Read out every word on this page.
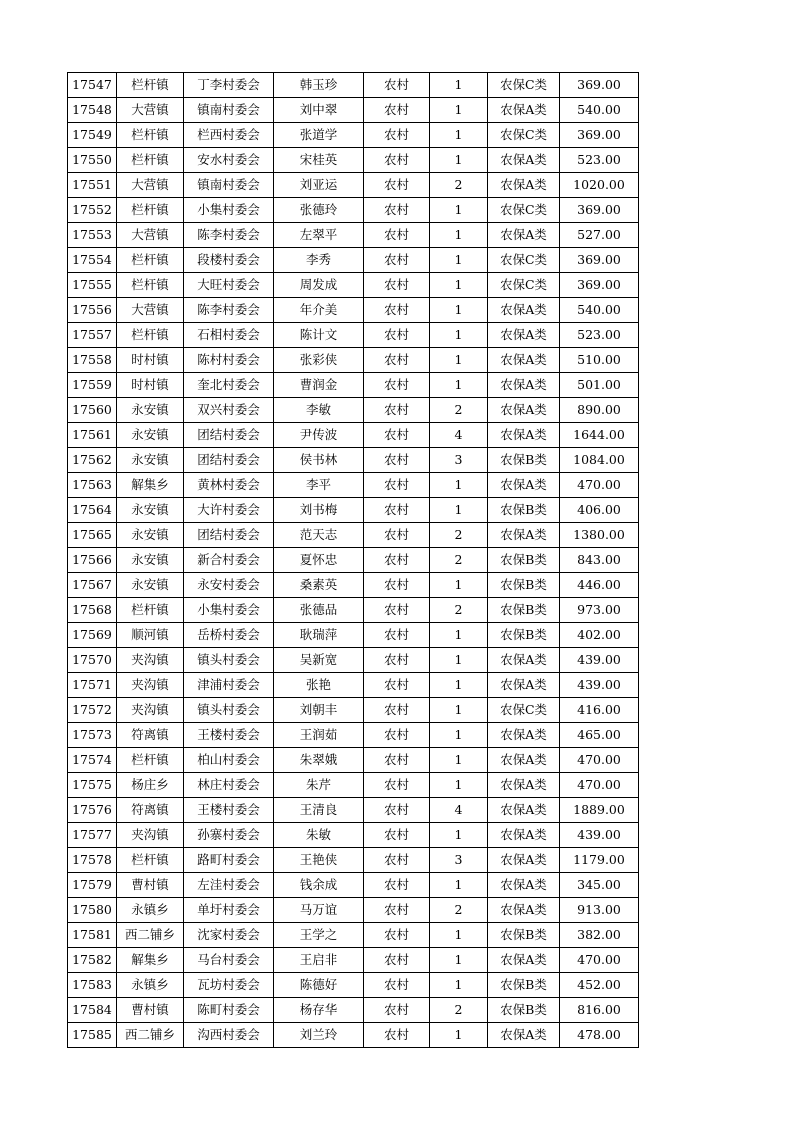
17547	栏杆镇	丁李村委会	韩玉珍	农村	1	农保C类	369.00
17548	大营镇	镇南村委会	刘中翠	农村	1	农保A类	540.00
17549	栏杆镇	栏西村委会	张道学	农村	1	农保C类	369.00
17550	栏杆镇	安水村委会	宋桂英	农村	1	农保A类	523.00
17551	大营镇	镇南村委会	刘亚运	农村	2	农保A类	1020.00
17552	栏杆镇	小集村委会	张德玲	农村	1	农保C类	369.00
17553	大营镇	陈李村委会	左翠平	农村	1	农保A类	527.00
17554	栏杆镇	段楼村委会	李秀	农村	1	农保C类	369.00
17555	栏杆镇	大旺村委会	周发成	农村	1	农保C类	369.00
17556	大营镇	陈李村委会	年介美	农村	1	农保A类	540.00
17557	栏杆镇	石相村委会	陈计文	农村	1	农保A类	523.00
17558	时村镇	陈村村委会	张彩侠	农村	1	农保A类	510.00
17559	时村镇	奎北村委会	曹润金	农村	1	农保A类	501.00
17560	永安镇	双兴村委会	李敏	农村	2	农保A类	890.00
17561	永安镇	团结村委会	尹传波	农村	4	农保A类	1644.00
17562	永安镇	团结村委会	侯书林	农村	3	农保B类	1084.00
17563	解集乡	黄林村委会	李平	农村	1	农保A类	470.00
17564	永安镇	大许村委会	刘书梅	农村	1	农保B类	406.00
17565	永安镇	团结村委会	范天志	农村	2	农保A类	1380.00
17566	永安镇	新合村委会	夏怀忠	农村	2	农保B类	843.00
17567	永安镇	永安村委会	桑素英	农村	1	农保B类	446.00
17568	栏杆镇	小集村委会	张德品	农村	2	农保B类	973.00
17569	顺河镇	岳桥村委会	耿瑞萍	农村	1	农保B类	402.00
17570	夹沟镇	镇头村委会	吴新宽	农村	1	农保A类	439.00
17571	夹沟镇	津浦村委会	张艳	农村	1	农保A类	439.00
17572	夹沟镇	镇头村委会	刘朝丰	农村	1	农保C类	416.00
17573	符离镇	王楼村委会	王润茹	农村	1	农保A类	465.00
17574	栏杆镇	柏山村委会	朱翠娥	农村	1	农保A类	470.00
17575	杨庄乡	林庄村委会	朱芹	农村	1	农保A类	470.00
17576	符离镇	王楼村委会	王清良	农村	4	农保A类	1889.00
17577	夹沟镇	孙寨村委会	朱敏	农村	1	农保A类	439.00
17578	栏杆镇	路町村委会	王艳侠	农村	3	农保A类	1179.00
17579	曹村镇	左洼村委会	钱余成	农村	1	农保A类	345.00
17580	永镇乡	单圩村委会	马万谊	农村	2	农保A类	913.00
17581	西二铺乡	沈家村委会	王学之	农村	1	农保B类	382.00
17582	解集乡	马台村委会	王启非	农村	1	农保A类	470.00
17583	永镇乡	瓦坊村委会	陈德好	农村	1	农保B类	452.00
17584	曹村镇	陈町村委会	杨存华	农村	2	农保B类	816.00
17585	西二铺乡	沟西村委会	刘兰玲	农村	1	农保A类	478.00
